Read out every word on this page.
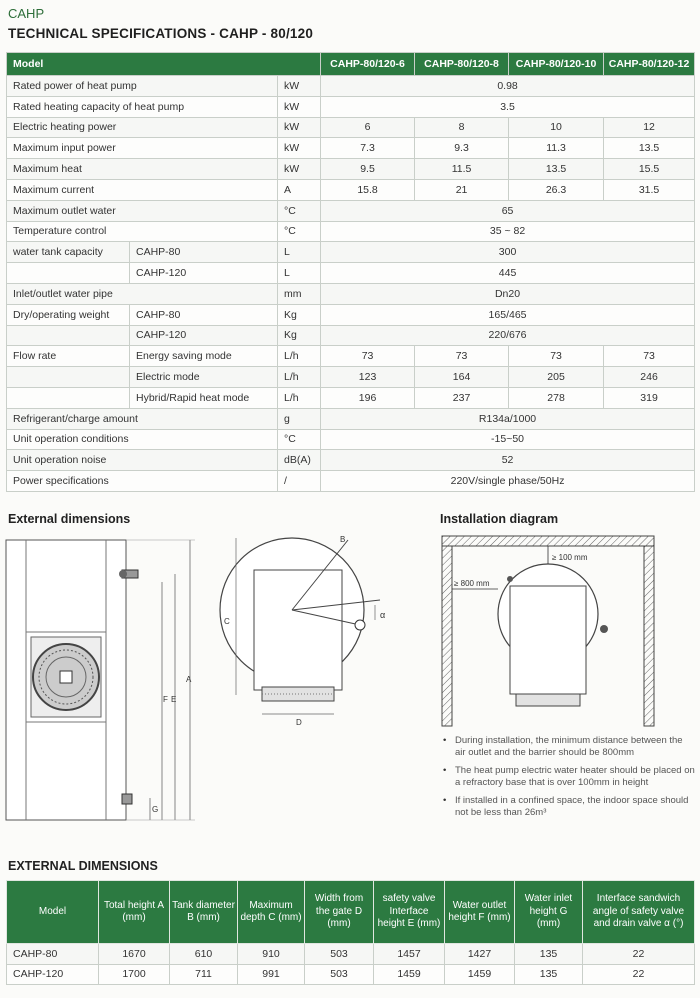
CAHP
TECHNICAL SPECIFICATIONS - CAHP - 80/120
Model			CAHP-80/120-6	CAHP-80/120-8	CAHP-80/120-10	CAHP-80/120-12
Rated power of heat pump		kW	0.98			
Rated heating capacity of heat pump		kW	3.5			
Electric heating power		kW	6	8	10	12
Maximum input power		kW	7.3	9.3	11.3	13.5
Maximum heat		kW	9.5	11.5	13.5	15.5
Maximum current		A	15.8	21	26.3	31.5
Maximum outlet water		°C	65			
Temperature control		°C	35 ~ 82			
water tank capacity	CAHP-80	L	300			
	CAHP-120	L	445			
Inlet/outlet water pipe		mm	Dn20			
Dry/operating weight	CAHP-80	Kg	165/465			
	CAHP-120	Kg	220/676			
Flow rate	Energy saving mode	L/h	73	73	73	73
	Electric mode	L/h	123	164	205	246
	Hybrid/Rapid heat mode	L/h	196	237	278	319
Refrigerant/charge amount		g	R134a/1000			
Unit operation conditions		°C	-15~50			
Unit operation noise		dB(A)	52			
Power specifications		/	220V/single phase/50Hz			
External dimensions	Installation diagram
A
E
F
G
B
C
D
α
≥ 100 mm
≥ 800 mm
• During installation, the minimum distance between the air outlet and the barrier should be 800mm
• The heat pump electric water heater should be placed on a refractory base that is over 100mm in height
• If installed in a confined space, the indoor space should not be less than 26m³
EXTERNAL DIMENSIONS
Model	Total height A (mm)	Tank diameter B (mm)	Maximum depth C (mm)	Width from the gate D (mm)	safety valve Interface height E (mm)	Water outlet height F (mm)	Water inlet height G (mm)	Interface sandwich angle of safety valve and drain valve α (°)
CAHP-80	1670	610	910	503	1457	1427	135	22
CAHP-120	1700	711	991	503	1459	1459	135	22
